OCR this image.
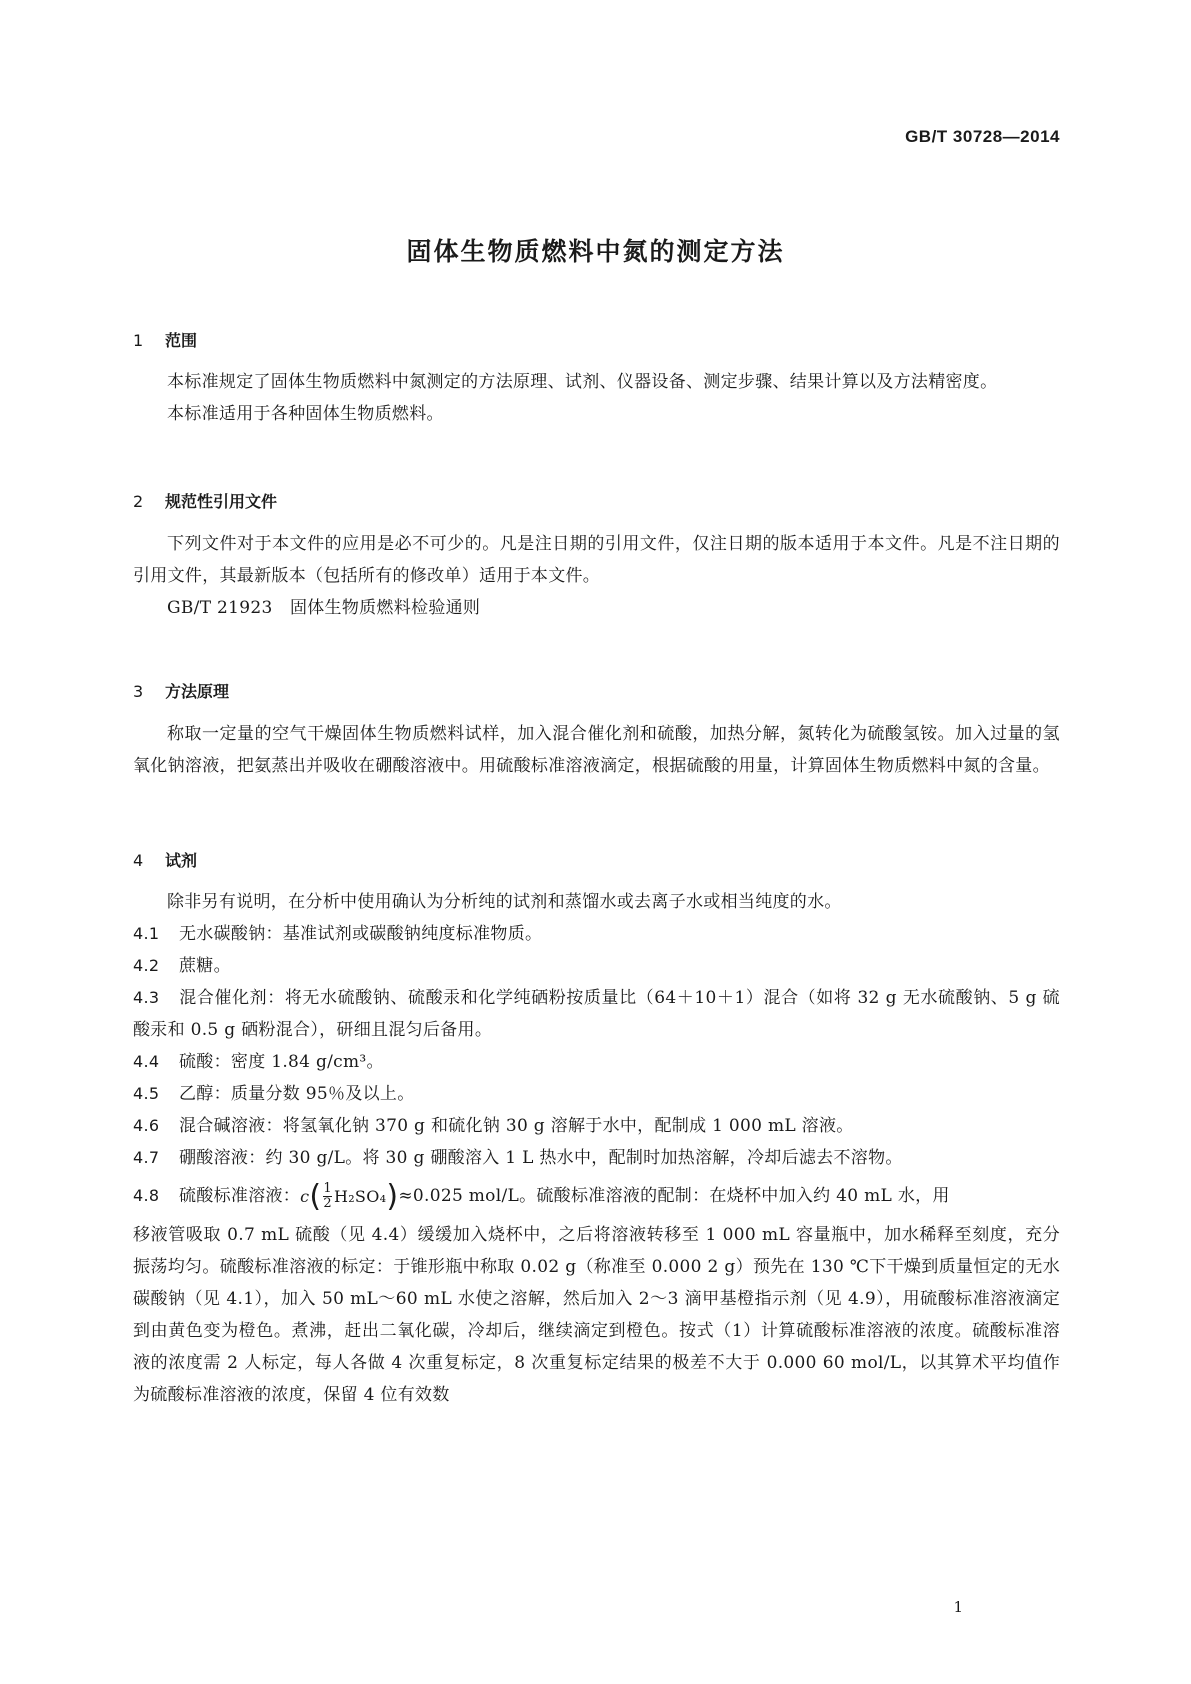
GB/T 30728—2014
固体生物质燃料中氮的测定方法
1 范围

本标准规定了固体生物质燃料中氮测定的方法原理、试剂、仪器设备、测定步骤、结果计算以及方法精密度。

本标准适用于各种固体生物质燃料。

2 规范性引用文件

下列文件对于本文件的应用是必不可少的。凡是注日期的引用文件，仅注日期的版本适用于本文件。凡是不注日期的引用文件，其最新版本（包括所有的修改单）适用于本文件。

GB/T 21923  固体生物质燃料检验通则

3 方法原理

称取一定量的空气干燥固体生物质燃料试样，加入混合催化剂和硫酸，加热分解，氮转化为硫酸氢铵。加入过量的氢氧化钠溶液，把氨蒸出并吸收在硼酸溶液中。用硫酸标准溶液滴定，根据硫酸的用量，计算固体生物质燃料中氮的含量。

4 试剂

除非另有说明，在分析中使用确认为分析纯的试剂和蒸馏水或去离子水或相当纯度的水。

4.1 无水碳酸钠：基准试剂或碳酸钠纯度标准物质。

4.2 蔗糖。

4.3 混合催化剂：将无水硫酸钠、硫酸汞和化学纯硒粉按质量比（64＋10＋1）混合（如将 32 g 无水硫酸钠、5 g 硫酸汞和 0.5 g 硒粉混合），研细且混匀后备用。

4.4 硫酸：密度 1.84 g/cm³。

4.5 乙醇：质量分数 95％及以上。

4.6 混合碱溶液：将氢氧化钠 370 g 和硫化钠 30 g 溶解于水中，配制成 1 000 mL 溶液。

4.7 硼酸溶液：约 30 g/L。将 30 g 硼酸溶入 1 L 热水中，配制时加热溶解，冷却后滤去不溶物。

4.8 硫酸标准溶液： c ( $\frac{1}{2} H_2SO_4$ ) ≈0.025 mol/L。硫酸标准溶液的配制：在烧杯中加入约 40 mL 水，用

移液管吸取 0.7 mL 硫酸（见 4.4）缓缓加入烧杯中，之后将溶液转移至 1 000 mL 容量瓶中，加水稀释至刻度，充分振荡均匀。硫酸标准溶液的标定：于锥形瓶中称取 0.02 g（称准至 0.000 2 g）预先在 130 ℃下干燥到质量恒定的无水碳酸钠（见 4.1），加入 50 mL～60 mL 水使之溶解，然后加入 2～3 滴甲基橙指示剂（见 4.9），用硫酸标准溶液滴定到由黄色变为橙色。煮沸，赶出二氧化碳，冷却后，继续滴定到橙色。按式（1）计算硫酸标准溶液的浓度。硫酸标准溶液的浓度需 2 人标定，每人各做 4 次重复标定，8 次重复标定结果的极差不大于 0.000 60 mol/L，以其算术平均值作为硫酸标准溶液的浓度，保留 4 位有效数

1
